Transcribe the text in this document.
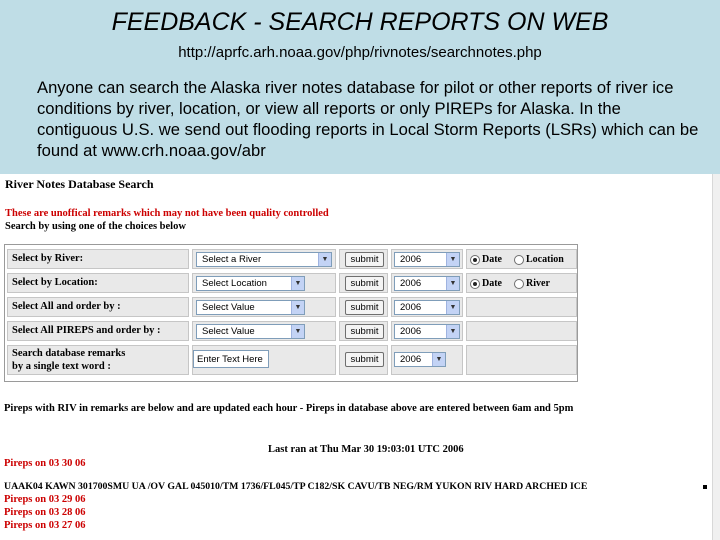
FEEDBACK - SEARCH REPORTS ON WEB
http://aprfc.arh.noaa.gov/php/rivnotes/searchnotes.php
Anyone can search the Alaska river notes database for pilot or other reports of river ice conditions by river, location, or view all reports or only PIREPs for Alaska. In the contiguous U.S. we send out flooding reports in Local Storm Reports (LSRs) which can be found at www.crh.noaa.gov/abr
River Notes Database Search
These are unoffical remarks which may not have been quality controlled
Search by using one of the choices below
Select by River:	Select a River	▼	submit	2006	▼	Date Location
Select by Location:	Select Location	▼	submit	2006	▼	Date River
Select All and order by :	Select Value	▼	submit	2006	▼
Select All PIREPS and order by :	Select Value	▼	submit	2006	▼
Search database remarks
by a single text word :
Enter Text Here	submit	2006	▼
Pireps with RIV in remarks are below and are updated each hour - Pireps in database above are entered between 6am and 5pm
Last ran at Thu Mar 30 19:03:01 UTC 2006
Pireps on 03 30 06
UAAK04 KAWN 301700SMU UA /OV GAL 045010/TM 1736/FL045/TP C182/SK CAVU/TB NEG/RM YUKON RIV HARD ARCHED ICE
Pireps on 03 29 06
Pireps on 03 28 06
Pireps on 03 27 06
